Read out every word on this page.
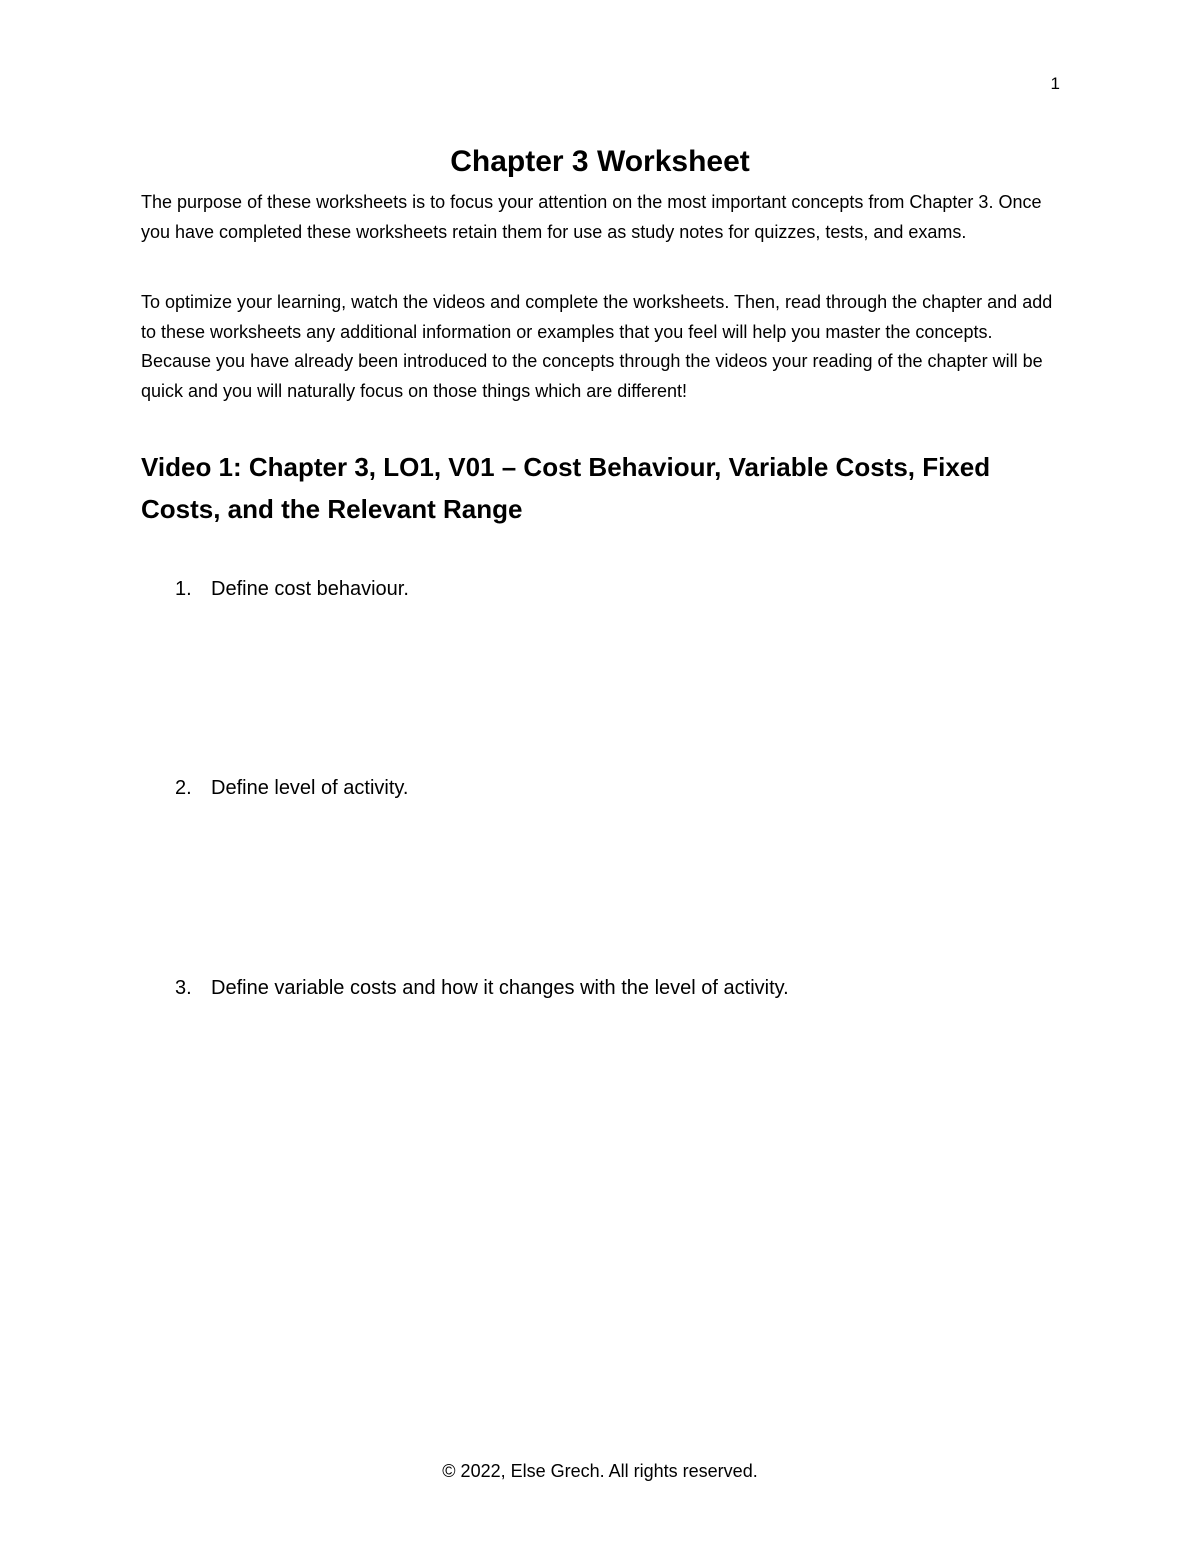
1
Chapter 3 Worksheet

The purpose of these worksheets is to focus your attention on the most important concepts from Chapter 3. Once you have completed these worksheets retain them for use as study notes for quizzes, tests, and exams.

To optimize your learning, watch the videos and complete the worksheets. Then, read through the chapter and add to these worksheets any additional information or examples that you feel will help you master the concepts. Because you have already been introduced to the concepts through the videos your reading of the chapter will be quick and you will naturally focus on those things which are different!

Video 1: Chapter 3, LO1, V01 – Cost Behaviour, Variable Costs, Fixed Costs, and the Relevant Range
1. Define cost behaviour.
2. Define level of activity.
3. Define variable costs and how it changes with the level of activity.
© 2022, Else Grech. All rights reserved.
